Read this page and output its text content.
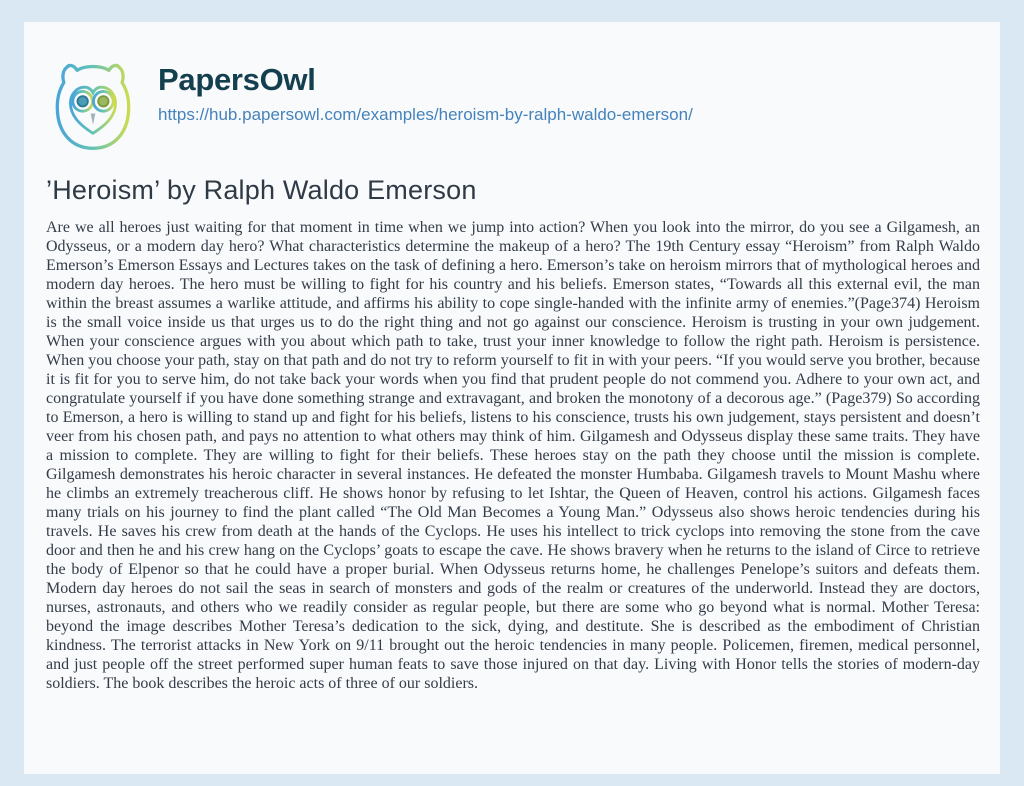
PapersOwl
https://hub.papersowl.com/examples/heroism-by-ralph-waldo-emerson/
’Heroism’ by Ralph Waldo Emerson
Are we all heroes just waiting for that moment in time when we jump into action? When you look into the mirror, do you see a Gilgamesh, an Odysseus, or a modern day hero? What characteristics determine the makeup of a hero? The 19th Century essay “Heroism” from Ralph Waldo Emerson’s Emerson Essays and Lectures takes on the task of defining a hero. Emerson’s take on heroism mirrors that of mythological heroes and modern day heroes. The hero must be willing to fight for his country and his beliefs. Emerson states, “Towards all this external evil, the man within the breast assumes a warlike attitude, and affirms his ability to cope single-handed with the infinite army of enemies.”(Page374) Heroism is the small voice inside us that urges us to do the right thing and not go against our conscience. Heroism is trusting in your own judgement. When your conscience argues with you about which path to take, trust your inner knowledge to follow the right path. Heroism is persistence. When you choose your path, stay on that path and do not try to reform yourself to fit in with your peers. “If you would serve you brother, because it is fit for you to serve him, do not take back your words when you find that prudent people do not commend you. Adhere to your own act, and congratulate yourself if you have done something strange and extravagant, and broken the monotony of a decorous age.” (Page379) So according to Emerson, a hero is willing to stand up and fight for his beliefs, listens to his conscience, trusts his own judgement, stays persistent and doesn’t veer from his chosen path, and pays no attention to what others may think of him. Gilgamesh and Odysseus display these same traits. They have a mission to complete. They are willing to fight for their beliefs. These heroes stay on the path they choose until the mission is complete. Gilgamesh demonstrates his heroic character in several instances. He defeated the monster Humbaba. Gilgamesh travels to Mount Mashu where he climbs an extremely treacherous cliff. He shows honor by refusing to let Ishtar, the Queen of Heaven, control his actions. Gilgamesh faces many trials on his journey to find the plant called “The Old Man Becomes a Young Man.” Odysseus also shows heroic tendencies during his travels. He saves his crew from death at the hands of the Cyclops. He uses his intellect to trick cyclops into removing the stone from the cave door and then he and his crew hang on the Cyclops’ goats to escape the cave. He shows bravery when he returns to the island of Circe to retrieve the body of Elpenor so that he could have a proper burial. When Odysseus returns home, he challenges Penelope’s suitors and defeats them. Modern day heroes do not sail the seas in search of monsters and gods of the realm or creatures of the underworld. Instead they are doctors, nurses, astronauts, and others who we readily consider as regular people, but there are some who go beyond what is normal. Mother Teresa: beyond the image describes Mother Teresa’s dedication to the sick, dying, and destitute. She is described as the embodiment of Christian kindness. The terrorist attacks in New York on 9/11 brought out the heroic tendencies in many people. Policemen, firemen, medical personnel, and just people off the street performed super human feats to save those injured on that day. Living with Honor tells the stories of modern-day soldiers. The book describes the heroic acts of three of our soldiers.
